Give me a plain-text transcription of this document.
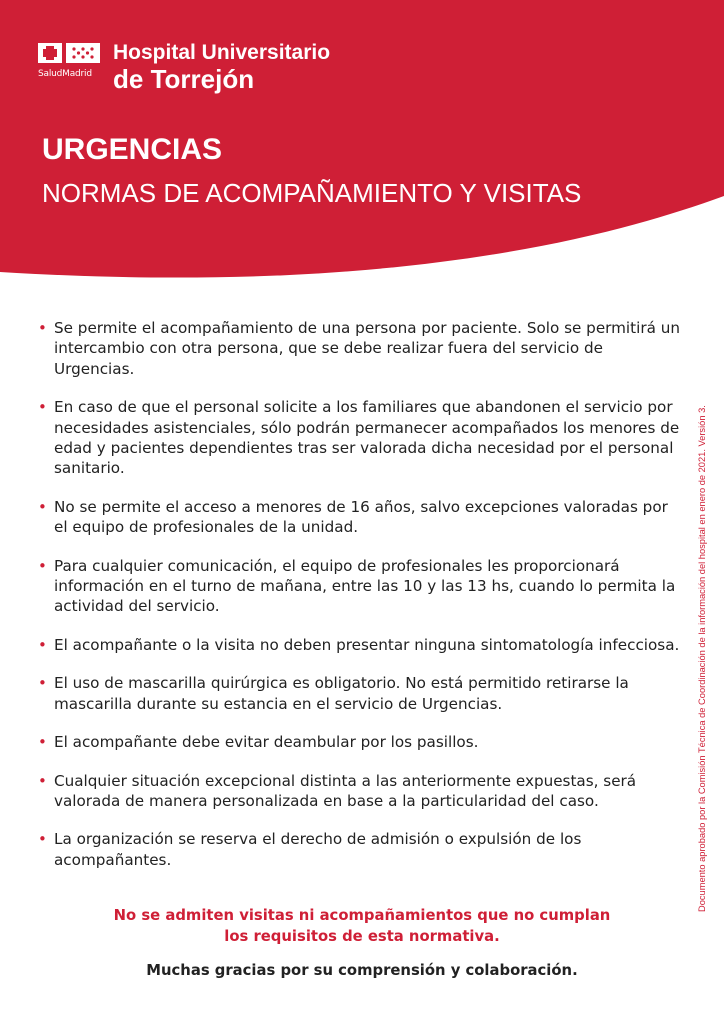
SaludMadrid
Hospital Universitario
de Torrejón
URGENCIAS
NORMAS DE ACOMPAÑAMIENTO Y VISITAS
• Se permite el acompañamiento de una persona por paciente. Solo se permitirá un intercambio con otra persona, que se debe realizar fuera del servicio de Urgencias.
• En caso de que el personal solicite a los familiares que abandonen el servicio por necesidades asistenciales, sólo podrán permanecer acompañados los menores de edad y pacientes dependientes tras ser valorada dicha necesidad por el personal sanitario.
• No se permite el acceso a menores de 16 años, salvo excepciones valoradas por el equipo de profesionales de la unidad.
• Para cualquier comunicación, el equipo de profesionales les proporcionará información en el turno de mañana, entre las 10 y las 13 hs, cuando lo permita la actividad del servicio.
• El acompañante o la visita no deben presentar ninguna sintomatología infecciosa.
• El uso de mascarilla quirúrgica es obligatorio. No está permitido retirarse la mascarilla durante su estancia en el servicio de Urgencias.
• El acompañante debe evitar deambular por los pasillos.
• Cualquier situación excepcional distinta a las anteriormente expuestas, será valorada de manera personalizada en base a la particularidad del caso.
• La organización se reserva el derecho de admisión o expulsión de los acompañantes.
No se admiten visitas ni acompañamientos que no cumplan
los requisitos de esta normativa.
Muchas gracias por su comprensión y colaboración.
Documento aprobado por la Comisión Técnica de Coordinación de la información del hospital en enero de 2021. Versión 3.
